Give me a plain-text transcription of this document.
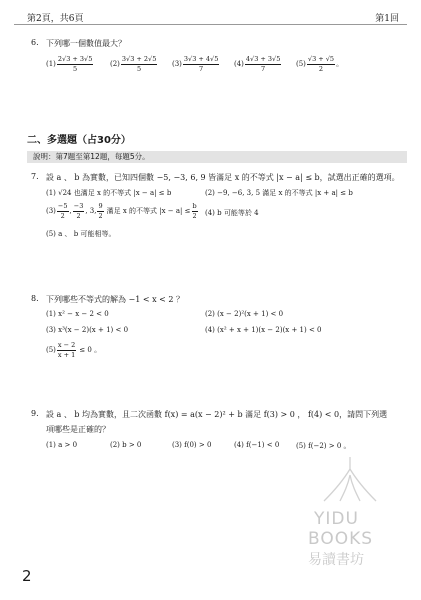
第2頁，共6頁	第1回
6. 下列哪一個數值最大？
$(1) \frac{2√3 + 3√5}{5} (2) \frac{3√3 + 2√5}{5} (3) \frac{3√3 + 4√5}{7} (4) \frac{4√3 + 3√5}{7} (5) \frac{√3 + √5}{2}$ 。
二、多選題（占30分）
說明：第7題至第12題，每題5分。
7. 設 a 、 b 為實數，已知四個數 −5, −3, 6, 9 皆滿足 x 的不等式 |x − a| ≤ b，試選出正確的選項。
(1) √24 也滿足 x 的不等式 |x − a| ≤ b	(2) −9, −6, 3, 5 滿足 x 的不等式 |x + a| ≤ b
$(3) \frac{-5}{2}$ , $\frac{-3}{2}$ , 3, $\frac{9}{2}$ 滿足 x 的不等式 $|x - a| \le \frac{b}{2} (4)$ b 可能等於 4
(5) a 、 b 可能相等。
8. 下列哪些不等式的解為 −1 < x < 2 ？
(1) x² − x − 2 < 0	(2) (x − 2)²(x + 1) < 0
(3) x³(x − 2)(x + 1) < 0	(4) (x² + x + 1)(x − 2)(x + 1) < 0
$(5) \frac{x - 2}{x + 1} \le 0$ 。
9. 設 a 、 b 均為實數，且二次函數 f(x) = a(x − 2)² + b 滿足 f(3) > 0 ， f(4) < 0，請問下列選
項哪些是正確的？
(1) a > 0	(2) b > 0	(3) f(0) > 0	(4) f(−1) < 0 (5) f(−2) > 0 。
YIDU
BOOKS
易讀書坊
2
